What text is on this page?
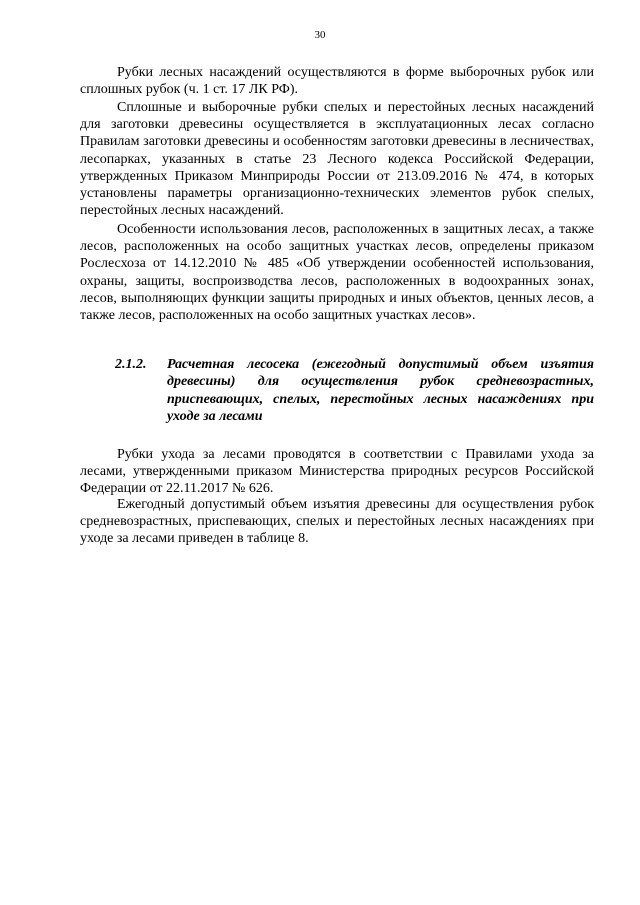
30

Рубки лесных насаждений осуществляются в форме выборочных рубок или сплошных рубок (ч. 1 ст. 17 ЛК РФ).

Сплошные и выборочные рубки спелых и перестойных лесных насаждений для заготовки древесины осуществляется в эксплуатационных лесах согласно Правилам заготовки древесины и особенностям заготовки древесины в лесничествах, лесопарках, указанных в статье 23 Лесного кодекса Российской Федерации, утвержденных Приказом Минприроды России от 213.09.2016 № 474, в которых установлены параметры организационно-технических элементов рубок спелых, перестойных лесных насаждений.

Особенности использования лесов, расположенных в защитных лесах, а также лесов, расположенных на особо защитных участках лесов, определены приказом Рослесхоза от 14.12.2010 № 485 «Об утверждении особенностей использования, охраны, защиты, воспроизводства лесов, расположенных в водоохранных зонах, лесов, выполняющих функции защиты природных и иных объектов, ценных лесов, а также лесов, расположенных на особо защитных участках лесов».

2.1.2. Расчетная лесосека (ежегодный допустимый объем изъятия древесины) для осуществления рубок средневозрастных, приспевающих, спелых, перестойных лесных насаждениях при уходе за лесами

Рубки ухода за лесами проводятся в соответствии с Правилами ухода за лесами, утвержденными приказом Министерства природных ресурсов Российской Федерации от 22.11.2017 № 626.

Ежегодный допустимый объем изъятия древесины для осуществления рубок средневозрастных, приспевающих, спелых и перестойных лесных насаждениях при уходе за лесами приведен в таблице 8.
